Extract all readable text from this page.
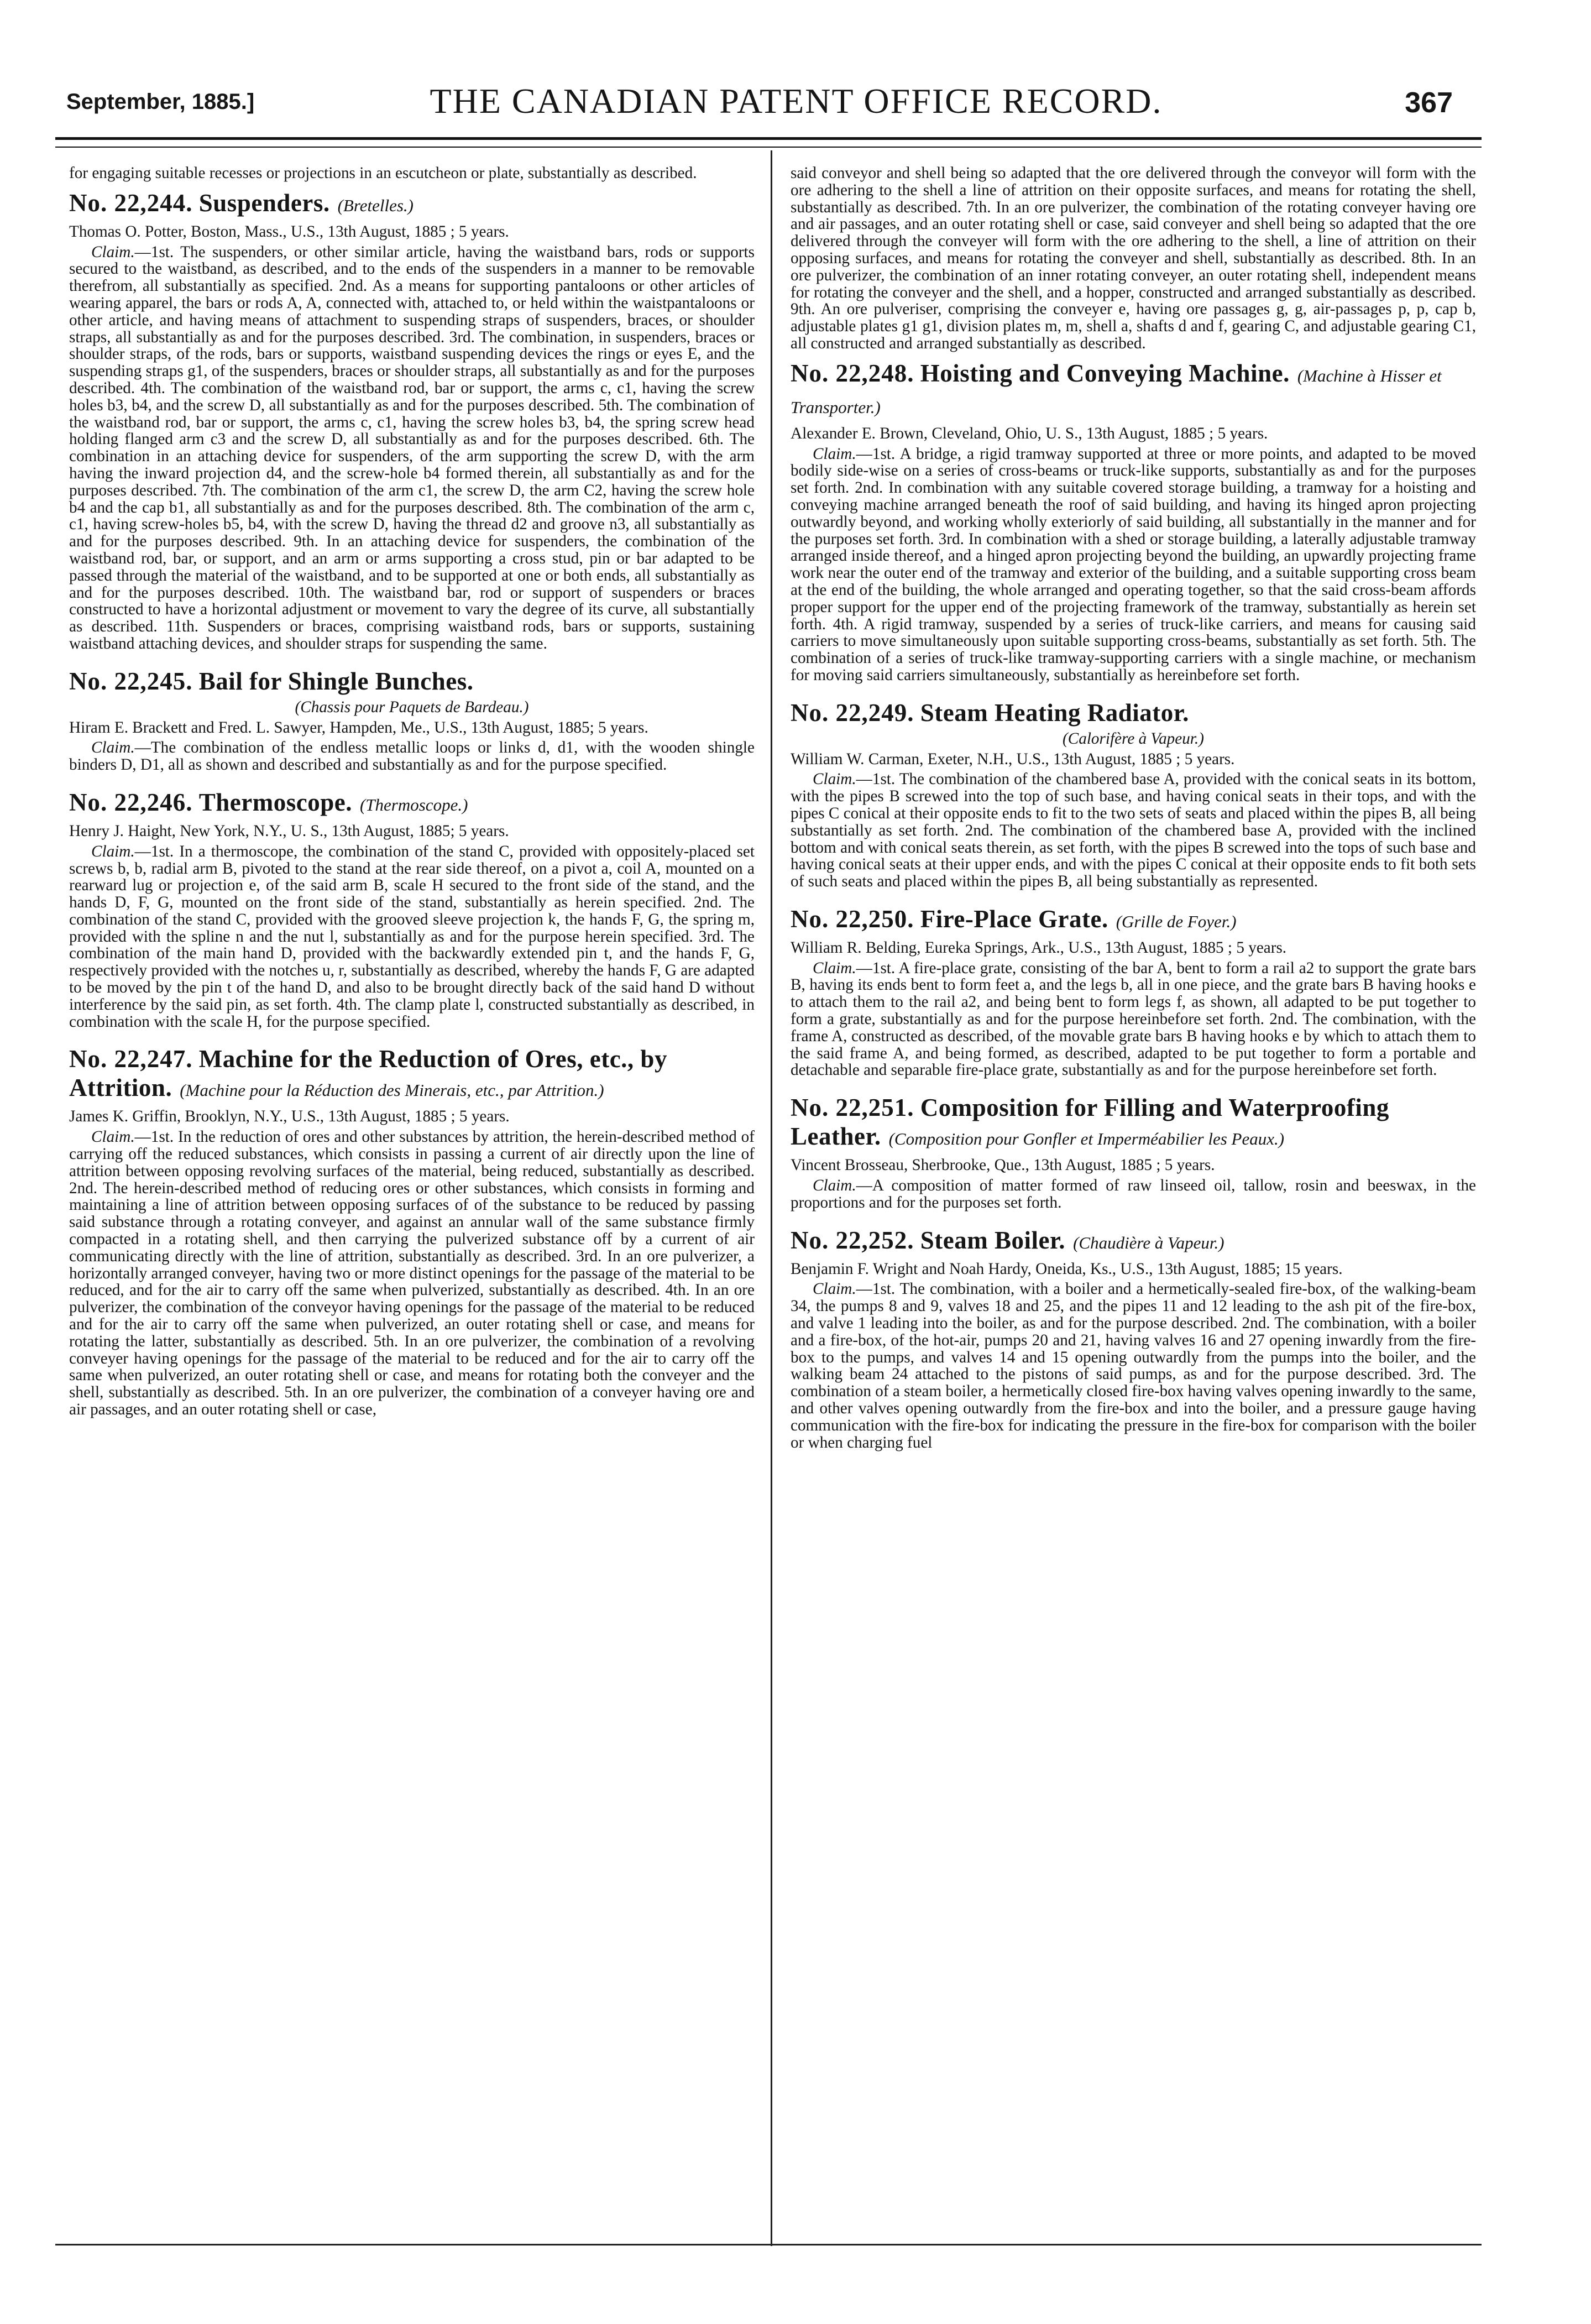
September, 1885.]	THE CANADIAN PATENT OFFICE RECORD.	367

for engaging suitable recesses or projections in an escutcheon or plate, substantially as described.

No. 22,244. Suspenders. (Bretelles.)

Thomas O. Potter, Boston, Mass., U.S., 13th August, 1885 ; 5 years.

Claim.—1st. The suspenders, or other similar article, having the waistband bars, rods or supports secured to the waistband, as described, and to the ends of the suspenders in a manner to be removable therefrom, all substantially as specified. 2nd. As a means for supporting pantaloons or other articles of wearing apparel, the bars or rods A, A, connected with, attached to, or held within the waistpantaloons or other article, and having means of attachment to suspending straps of suspenders, braces, or shoulder straps, all substantially as and for the purposes described. 3rd. The combination, in suspenders, braces or shoulder straps, of the rods, bars or supports, waistband suspending devices the rings or eyes E, and the suspending straps g1, of the suspenders, braces or shoulder straps, all substantially as and for the purposes described. 4th. The combination of the waistband rod, bar or support, the arms c, c1, having the screw holes b3, b4, and the screw D, all substantially as and for the purposes described. 5th. The combination of the waistband rod, bar or support, the arms c, c1, having the screw holes b3, b4, the spring screw head holding flanged arm c3 and the screw D, all substantially as and for the purposes described. 6th. The combination in an attaching device for suspenders, of the arm supporting the screw D, with the arm having the inward projection d4, and the screw-hole b4 formed therein, all substantially as and for the purposes described. 7th. The combination of the arm c1, the screw D, the arm C2, having the screw hole b4 and the cap b1, all substantially as and for the purposes described. 8th. The combination of the arm c, c1, having screw-holes b5, b4, with the screw D, having the thread d2 and groove n3, all substantially as and for the purposes described. 9th. In an attaching device for suspenders, the combination of the waistband rod, bar, or support, and an arm or arms supporting a cross stud, pin or bar adapted to be passed through the material of the waistband, and to be supported at one or both ends, all substantially as and for the purposes described. 10th. The waistband bar, rod or support of suspenders or braces constructed to have a horizontal adjustment or movement to vary the degree of its curve, all substantially as described. 11th. Suspenders or braces, comprising waistband rods, bars or supports, sustaining waistband attaching devices, and shoulder straps for suspending the same.

No. 22,245. Bail for Shingle Bunches.

(Chassis pour Paquets de Bardeau.)

Hiram E. Brackett and Fred. L. Sawyer, Hampden, Me., U.S., 13th August, 1885; 5 years.

Claim.—The combination of the endless metallic loops or links d, d1, with the wooden shingle binders D, D1, all as shown and described and substantially as and for the purpose specified.

No. 22,246. Thermoscope. (Thermoscope.)

Henry J. Haight, New York, N.Y., U. S., 13th August, 1885; 5 years.

Claim.—1st. In a thermoscope, the combination of the stand C, provided with oppositely-placed set screws b, b, radial arm B, pivoted to the stand at the rear side thereof, on a pivot a, coil A, mounted on a rearward lug or projection e, of the said arm B, scale H secured to the front side of the stand, and the hands D, F, G, mounted on the front side of the stand, substantially as herein specified. 2nd. The combination of the stand C, provided with the grooved sleeve projection k, the hands F, G, the spring m, provided with the spline n and the nut l, substantially as and for the purpose herein specified. 3rd. The combination of the main hand D, provided with the backwardly extended pin t, and the hands F, G, respectively provided with the notches u, r, substantially as described, whereby the hands F, G are adapted to be moved by the pin t of the hand D, and also to be brought directly back of the said hand D without interference by the said pin, as set forth. 4th. The clamp plate l, constructed substantially as described, in combination with the scale H, for the purpose specified.

No. 22,247. Machine for the Reduction of Ores, etc., by Attrition. (Machine pour la Réduction des Minerais, etc., par Attrition.)

James K. Griffin, Brooklyn, N.Y., U.S., 13th August, 1885 ; 5 years.

Claim.—1st. In the reduction of ores and other substances by attrition, the herein-described method of carrying off the reduced substances, which consists in passing a current of air directly upon the line of attrition between opposing revolving surfaces of the material, being reduced, substantially as described. 2nd. The herein-described method of reducing ores or other substances, which consists in forming and maintaining a line of attrition between opposing surfaces of of the substance to be reduced by passing said substance through a rotating conveyer, and against an annular wall of the same substance firmly compacted in a rotating shell, and then carrying the pulverized substance off by a current of air communicating directly with the line of attrition, substantially as described. 3rd. In an ore pulverizer, a horizontally arranged conveyer, having two or more distinct openings for the passage of the material to be reduced, and for the air to carry off the same when pulverized, substantially as described. 4th. In an ore pulverizer, the combination of the conveyor having openings for the passage of the material to be reduced and for the air to carry off the same when pulverized, an outer rotating shell or case, and means for rotating the latter, substantially as described. 5th. In an ore pulverizer, the combination of a revolving conveyer having openings for the passage of the material to be reduced and for the air to carry off the same when pulverized, an outer rotating shell or case, and means for rotating both the conveyer and the shell, substantially as described. 5th. In an ore pulverizer, the combination of a conveyer having ore and air passages, and an outer rotating shell or case,

said conveyor and shell being so adapted that the ore delivered through the conveyor will form with the ore adhering to the shell a line of attrition on their opposite surfaces, and means for rotating the shell, substantially as described. 7th. In an ore pulverizer, the combination of the rotating conveyer having ore and air passages, and an outer rotating shell or case, said conveyer and shell being so adapted that the ore delivered through the conveyer will form with the ore adhering to the shell, a line of attrition on their opposing surfaces, and means for rotating the conveyer and shell, substantially as described. 8th. In an ore pulverizer, the combination of an inner rotating conveyer, an outer rotating shell, independent means for rotating the conveyer and the shell, and a hopper, constructed and arranged substantially as described. 9th. An ore pulveriser, comprising the conveyer e, having ore passages g, g, air-passages p, p, cap b, adjustable plates g1 g1, division plates m, m, shell a, shafts d and f, gearing C, and adjustable gearing C1, all constructed and arranged substantially as described.

No. 22,248. Hoisting and Conveying Machine. (Machine à Hisser et Transporter.)

Alexander E. Brown, Cleveland, Ohio, U. S., 13th August, 1885 ; 5 years.

Claim.—1st. A bridge, a rigid tramway supported at three or more points, and adapted to be moved bodily side-wise on a series of cross-beams or truck-like supports, substantially as and for the purposes set forth. 2nd. In combination with any suitable covered storage building, a tramway for a hoisting and conveying machine arranged beneath the roof of said building, and having its hinged apron projecting outwardly beyond, and working wholly exteriorly of said building, all substantially in the manner and for the purposes set forth. 3rd. In combination with a shed or storage building, a laterally adjustable tramway arranged inside thereof, and a hinged apron projecting beyond the building, an upwardly projecting frame work near the outer end of the tramway and exterior of the building, and a suitable supporting cross beam at the end of the building, the whole arranged and operating together, so that the said cross-beam affords proper support for the upper end of the projecting framework of the tramway, substantially as herein set forth. 4th. A rigid tramway, suspended by a series of truck-like carriers, and means for causing said carriers to move simultaneously upon suitable supporting cross-beams, substantially as set forth. 5th. The combination of a series of truck-like tramway-supporting carriers with a single machine, or mechanism for moving said carriers simultaneously, substantially as hereinbefore set forth.

No. 22,249. Steam Heating Radiator.

(Calorifère à Vapeur.)

William W. Carman, Exeter, N.H., U.S., 13th August, 1885 ; 5 years.

Claim.—1st. The combination of the chambered base A, provided with the conical seats in its bottom, with the pipes B screwed into the top of such base, and having conical seats in their tops, and with the pipes C conical at their opposite ends to fit to the two sets of seats and placed within the pipes B, all being substantially as set forth. 2nd. The combination of the chambered base A, provided with the inclined bottom and with conical seats therein, as set forth, with the pipes B screwed into the tops of such base and having conical seats at their upper ends, and with the pipes C conical at their opposite ends to fit both sets of such seats and placed within the pipes B, all being substantially as represented.

No. 22,250. Fire-Place Grate. (Grille de Foyer.)

William R. Belding, Eureka Springs, Ark., U.S., 13th August, 1885 ; 5 years.

Claim.—1st. A fire-place grate, consisting of the bar A, bent to form a rail a2 to support the grate bars B, having its ends bent to form feet a, and the legs b, all in one piece, and the grate bars B having hooks e to attach them to the rail a2, and being bent to form legs f, as shown, all adapted to be put together to form a grate, substantially as and for the purpose hereinbefore set forth. 2nd. The combination, with the frame A, constructed as described, of the movable grate bars B having hooks e by which to attach them to the said frame A, and being formed, as described, adapted to be put together to form a portable and detachable and separable fire-place grate, substantially as and for the purpose hereinbefore set forth.

No. 22,251. Composition for Filling and Waterproofing Leather. (Composition pour Gonfler et Imperméabilier les Peaux.)

Vincent Brosseau, Sherbrooke, Que., 13th August, 1885 ; 5 years.

Claim.—A composition of matter formed of raw linseed oil, tallow, rosin and beeswax, in the proportions and for the purposes set forth.

No. 22,252. Steam Boiler. (Chaudière à Vapeur.)

Benjamin F. Wright and Noah Hardy, Oneida, Ks., U.S., 13th August, 1885; 15 years.

Claim.—1st. The combination, with a boiler and a hermetically-sealed fire-box, of the walking-beam 34, the pumps 8 and 9, valves 18 and 25, and the pipes 11 and 12 leading to the ash pit of the fire-box, and valve 1 leading into the boiler, as and for the purpose described. 2nd. The combination, with a boiler and a fire-box, of the hot-air, pumps 20 and 21, having valves 16 and 27 opening inwardly from the fire-box to the pumps, and valves 14 and 15 opening outwardly from the pumps into the boiler, and the walking beam 24 attached to the pistons of said pumps, as and for the purpose described. 3rd. The combination of a steam boiler, a hermetically closed fire-box having valves opening inwardly to the same, and other valves opening outwardly from the fire-box and into the boiler, and a pressure gauge having communication with the fire-box for indicating the pressure in the fire-box for comparison with the boiler or when charging fuel
